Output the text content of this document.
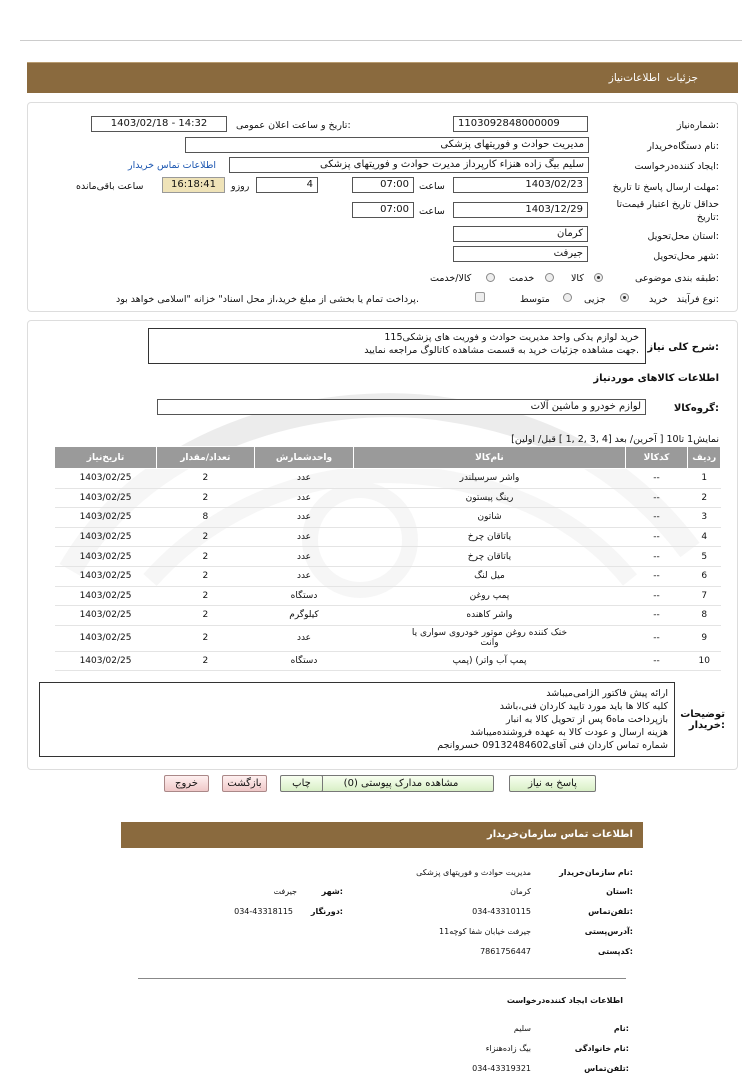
جزئیات
اطلاعات‌نیاز
شماره‌نیاز:
1103092848000009
تاریخ و ساعت اعلان عمومی:
1403/02/18 - 14:32
نام دستگاه‌خریدار:
مدیریت حوادث و فوریتهای پزشکی
ایجاد کننده‌درخواست:
سلیم بیگ زاده هنزاء کارپرداز مدیرت حوادث و فوریتهای پزشکی
اطلاعات تماس خریدار
مهلت ارسال پاسخ تا تاریخ:
1403/02/23
ساعت
07:00
4
روزو
16:18:41
ساعت باقی‌مانده
حداقل تاریخ اعتبار قیمت‌تا
تاریخ:
1403/12/29
ساعت
07:00
استان محل‌تحویل:
کرمان
شهر محل‌تحویل:
جیرفت
طبقه بندی موضوعی:
کالا
خدمت
کالا/خدمت
نوع فرآیند:
خرید
جزیی
متوسط
پرداخت تمام یا بخشی از مبلغ خرید،از محل اسناد" خزانه "اسلامی خواهد بود.
خرید لوازم یدکی واحد مدیریت حوادث و فوریت های پزشکی115
جهت مشاهده جزئیات خرید به قسمت مشاهده کاتالوگ مراجعه نمایید. شرح کلی نیاز:
اطلاعات کالاهای موردنیاز
لوازم خودرو و ماشین آلات	گروه‌کالا:
نمایش1 تا10 [ آخرین/ بعد [4 ,3 ,2 ,1 ] قبل/ اولین]
ردیف	کدکالا	نام‌کالا	واحدشمارش	تعداد/مقدار	تاریخ‌نیاز
1	--	واشر سرسیلندر	عدد	2	1403/02/25
2	--	رینگ پیستون	عدد	2	1403/02/25
3	--	شاتون	عدد	8	1403/02/25
4	--	یاتاقان چرخ	عدد	2	1403/02/25
5	--	یاتاقان چرخ	عدد	2	1403/02/25
6	--	میل لنگ	عدد	2	1403/02/25
7	--	پمپ روغن	دستگاه	2	1403/02/25
8	--	واشر کاهنده	کیلوگرم	2	1403/02/25
9	--	خنک کننده روغن موتور خودروی سواری یا وانت	عدد	2	1403/02/25
10	--	پمپ آب واتر) (پمپ	دستگاه	2	1403/02/25
ارائه پیش فاکتور الزامی‌میباشد
کلیه کالا ها باید مورد تایید کاردان فنی،باشد
بازپرداخت ماه6 پس از تحویل کالا به انبار
هزینه ارسال و عودت کالا به عهده فروشنده‌میباشد
شماره تماس کاردان فنی آقای09132484602 خسروانجم
توضیحات خریدار:
پاسخ به نیاز
مشاهده مدارک پیوستی (0)
چاپ
بازگشت
خروج
اطلاعات تماس سازمان‌خریدار
نام سازمان‌خریدار:
مدیریت حوادث و فوریتهای پزشکی
استان:
کرمان
شهر:
جیرفت
تلفن‌تماس:
034-43310115
دورنگار:
034-43318115
آدرس‌پستی:
جیرفت خیابان شفا کوچه11
کدپستی:
7861756447
اطلاعات ایجاد کننده‌درخواست
نام:
سلیم
نام خانوادگی:
بیگ زاده‌هنزاء
تلفن‌تماس:
034-43319321
